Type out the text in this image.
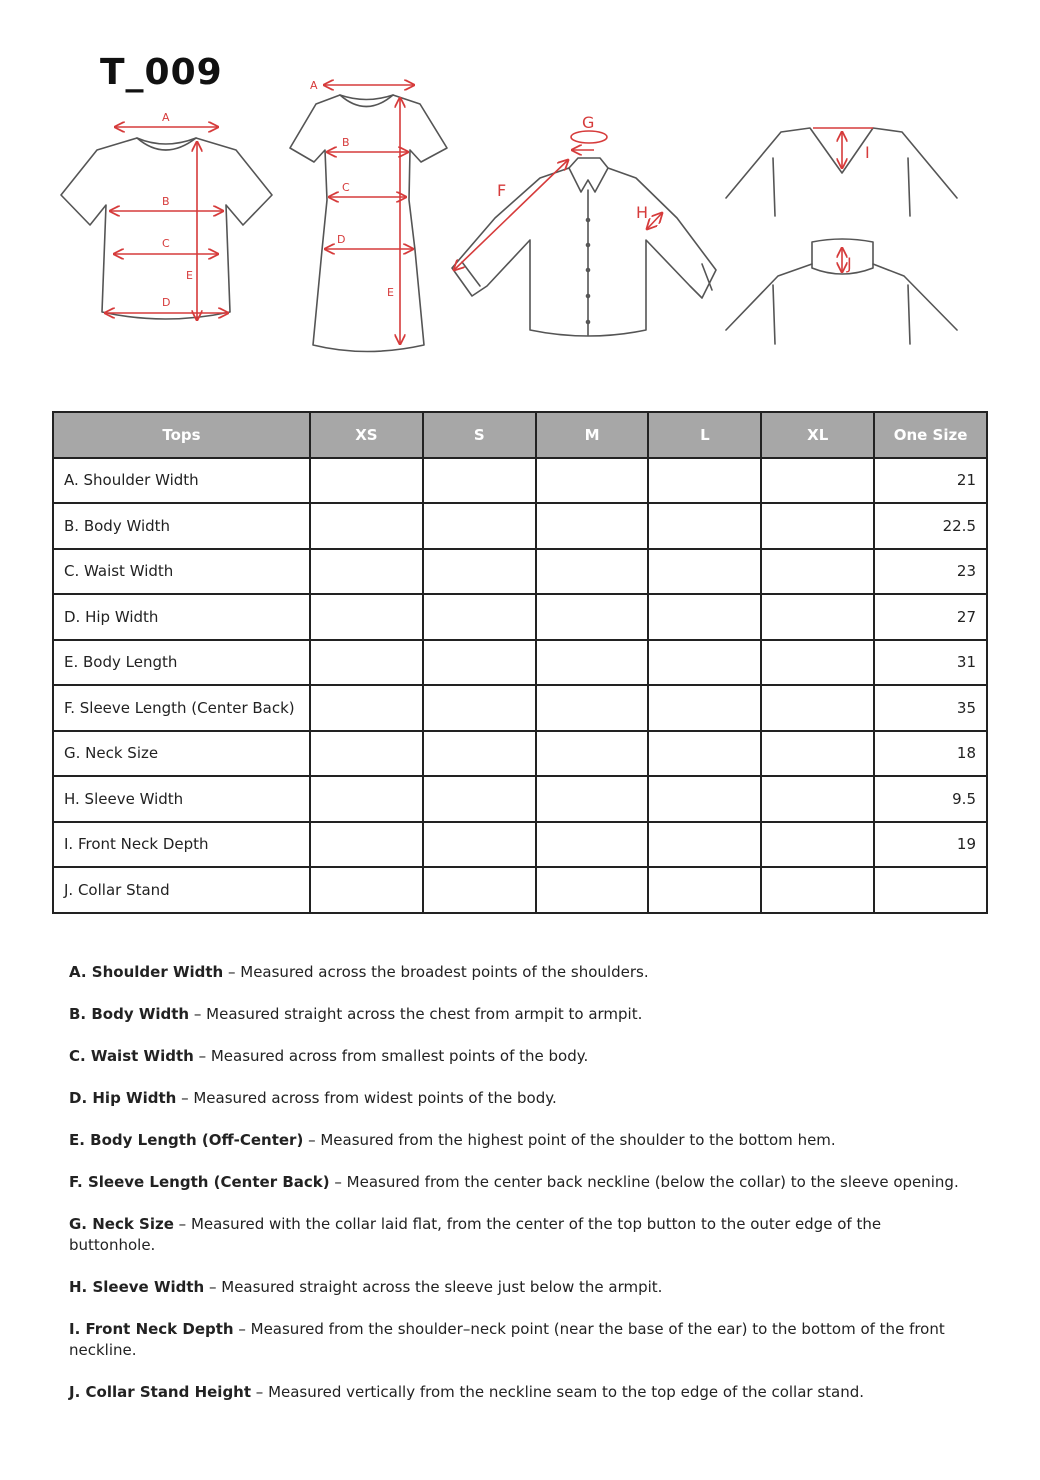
T_009
A
B
C
D
E
A
B
C
D
E
F
G
H
I
J
Tops	XS	S	M	L	XL	One Size
A. Shoulder Width						21
B. Body Width						22.5
C. Waist Width						23
D. Hip Width						27
E. Body Length						31
F. Sleeve Length (Center Back)						35
G. Neck Size						18
H. Sleeve Width						9.5
I. Front Neck Depth						19
J. Collar Stand						

A. Shoulder Width – Measured across the broadest points of the shoulders.

B. Body Width – Measured straight across the chest from armpit to armpit.

C. Waist Width – Measured across from smallest points of the body.

D. Hip Width – Measured across from widest points of the body.

E. Body Length (Off-Center) – Measured from the highest point of the shoulder to the bottom hem.

F. Sleeve Length (Center Back) – Measured from the center back neckline (below the collar) to the sleeve opening.

G. Neck Size – Measured with the collar laid flat, from the center of the top button to the outer edge of the buttonhole.

H. Sleeve Width – Measured straight across the sleeve just below the armpit.

I. Front Neck Depth – Measured from the shoulder–neck point (near the base of the ear) to the bottom of the front neckline.

J. Collar Stand Height – Measured vertically from the neckline seam to the top edge of the collar stand.
